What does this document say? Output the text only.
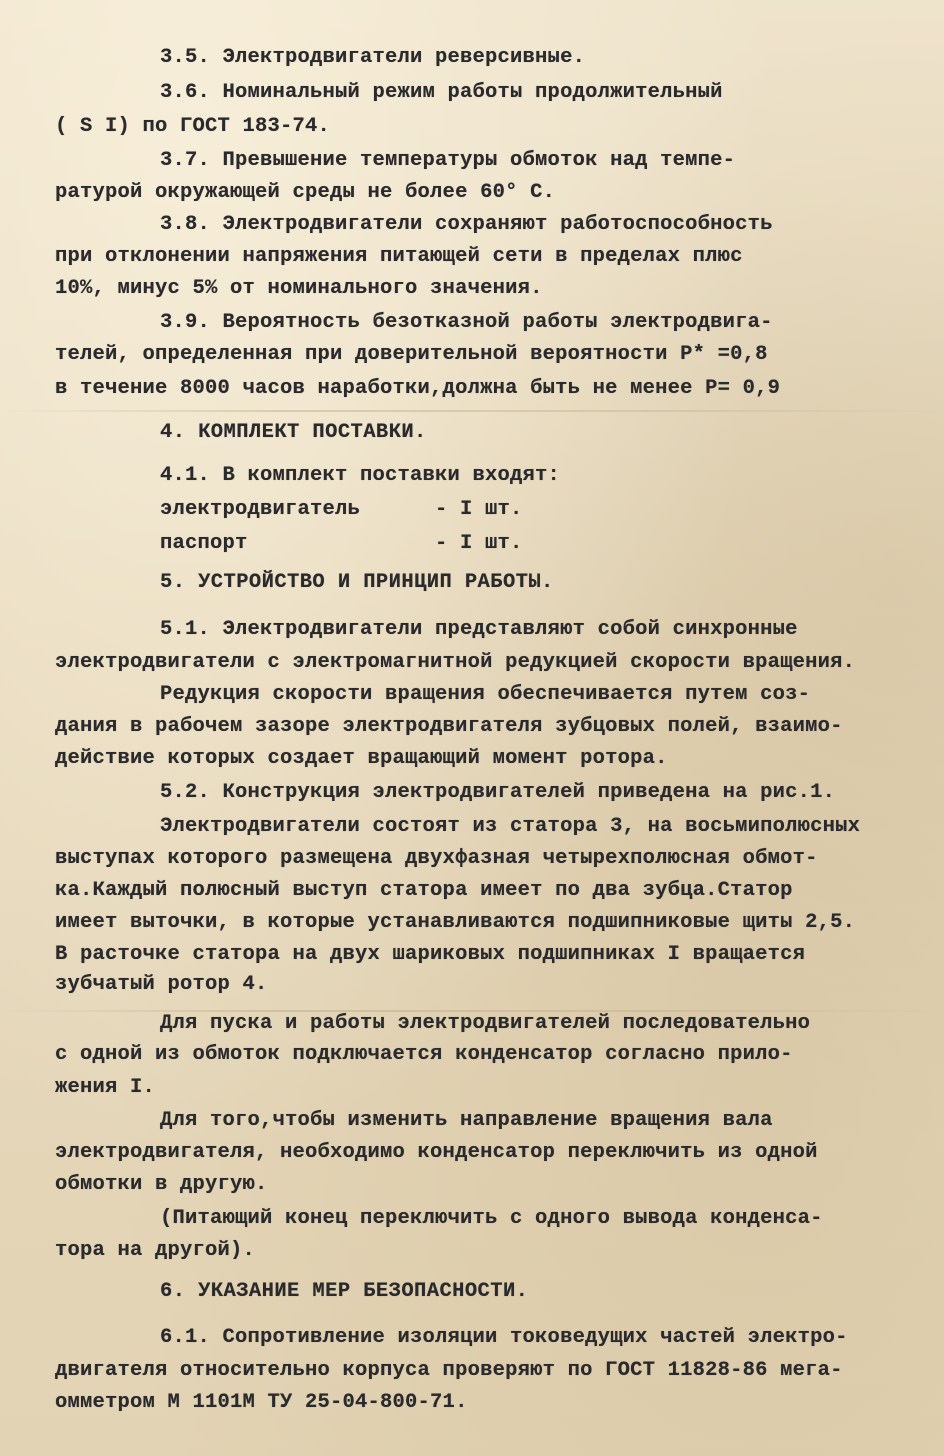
3.5. Электродвигатели реверсивные.
3.6. Номинальный режим работы продолжительный
( S I) по ГОСТ 183-74.
3.7. Превышение температуры обмоток над темпе-
ратурой окружающей среды не более 60° С.
3.8. Электродвигатели сохраняют работоспособность
при отклонении напряжения питающей сети в пределах плюс
10%, минус 5% от номинального значения.
3.9. Вероятность безотказной работы электродвига-
телей, определенная при доверительной вероятности P* =0,8
в течение 8000 часов наработки,должна быть не менее P= 0,9
4. КОМПЛЕКТ ПОСТАВКИ.
4.1. В комплект поставки входят:
электродвигатель      - I шт.
паспорт               - I шт.
5. УСТРОЙСТВО И ПРИНЦИП РАБОТЫ.
5.1. Электродвигатели представляют собой синхронные
электродвигатели с электромагнитной редукцией скорости вращения.
Редукция скорости вращения обеспечивается путем соз-
дания в рабочем зазоре электродвигателя зубцовых полей, взаимо-
действие которых создает вращающий момент ротора.
5.2. Конструкция электродвигателей приведена на рис.1.
Электродвигатели состоят из статора 3, на восьмиполюсных
выступах которого размещена двухфазная четырехполюсная обмот-
ка.Каждый полюсный выступ статора имеет по два зубца.Статор
имеет выточки, в которые устанавливаются подшипниковые щиты 2,5.
В расточке статора на двух шариковых подшипниках I вращается
зубчатый ротор 4.
Для пуска и работы электродвигателей последовательно
с одной из обмоток подключается конденсатор согласно прило-
жения I.
Для того,чтобы изменить направление вращения вала
электродвигателя, необходимо конденсатор переключить из одной
обмотки в другую.
(Питающий конец переключить с одного вывода конденса-
тора на другой).
6. УКАЗАНИЕ МЕР БЕЗОПАСНОСТИ.
6.1. Сопротивление изоляции токоведущих частей электро-
двигателя относительно корпуса проверяют по ГОСТ 11828-86 мега-
омметром М 1101М ТУ 25-04-800-71.
